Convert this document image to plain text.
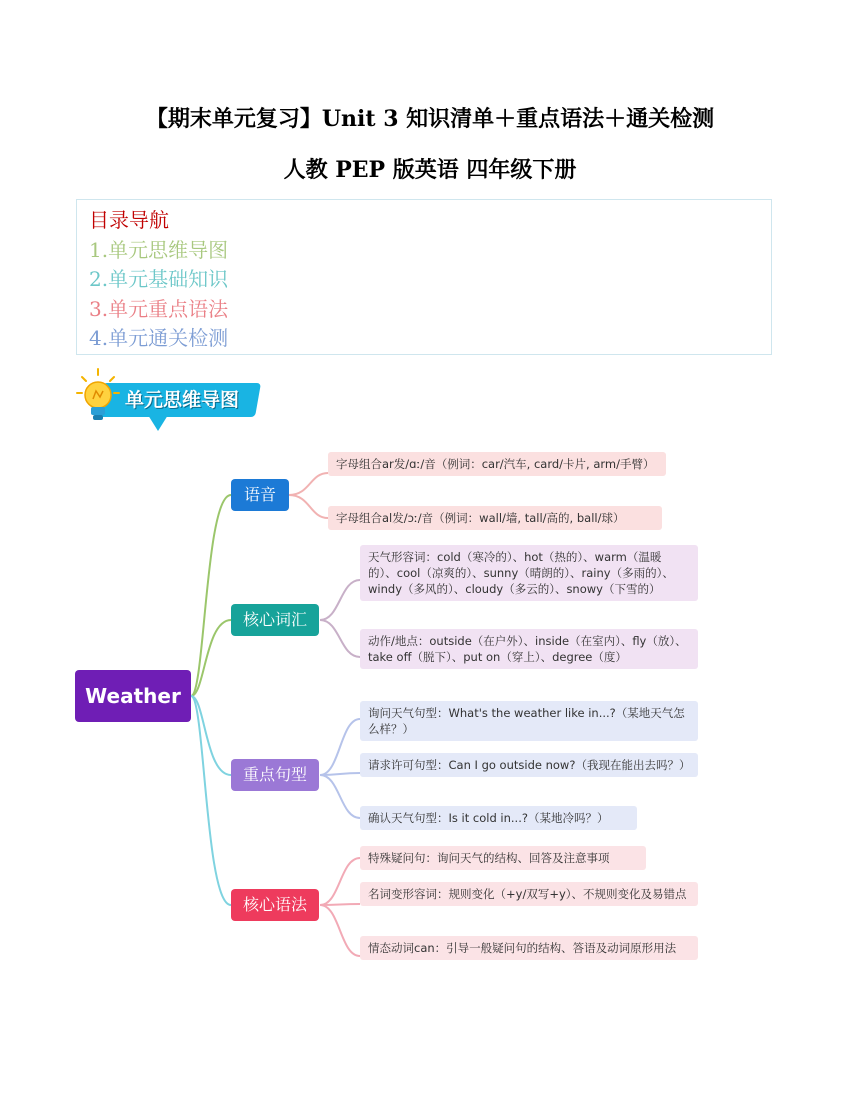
【期末单元复习】Unit 3 知识清单＋重点语法＋通关检测
人教 PEP 版英语 四年级下册
目录导航
1.单元思维导图
2.单元基础知识
3.单元重点语法
4.单元通关检测
单元思维导图
Weather
语音
核心词汇
重点句型
核心语法
字母组合ar发/ɑː/音（例词：car/汽车, card/卡片, arm/手臂）
字母组合al发/ɔː/音（例词：wall/墙, tall/高的, ball/球）
天气形容词：cold（寒冷的）、hot（热的）、warm（温暖的）、cool（凉爽的）、sunny（晴朗的）、rainy（多雨的）、windy（多风的）、cloudy（多云的）、snowy（下雪的）
动作/地点：outside（在户外）、inside（在室内）、fly（放）、take off（脱下）、put on（穿上）、degree（度）
询问天气句型：What's the weather like in...?（某地天气怎么样？）
请求许可句型：Can I go outside now?（我现在能出去吗？）
确认天气句型：Is it cold in...?（某地冷吗？）
特殊疑问句：询问天气的结构、回答及注意事项
名词变形容词：规则变化（+y/双写+y）、不规则变化及易错点
情态动词can：引导一般疑问句的结构、答语及动词原形用法
